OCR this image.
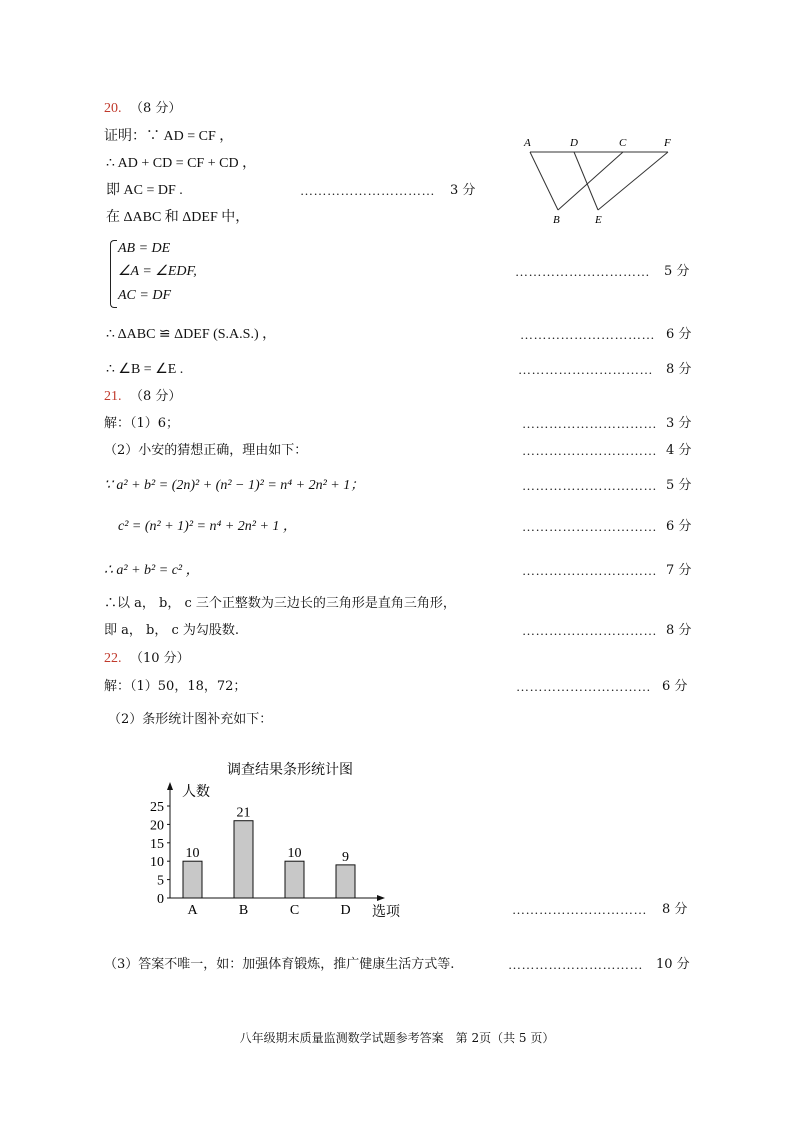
20. （8 分）
证明：∵ AD = CF ，
∴ AD + CD = CF + CD ，
即 AC = DF .	………………………… 3 分
在 ΔABC 和 ΔDEF 中，
AB = DE
∠A = ∠EDF,
AC = DF
………………………… 5 分
∴ ΔABC ≌ ΔDEF (S.A.S.) ，	………………………… 6 分
∴ ∠B = ∠E .	………………………… 8 分
A	D	C	F
B	E
21. （8 分）
解：（1）6；	………………………… 3 分
（2）小安的猜想正确，理由如下：	………………………… 4 分
∵ a² + b² = (2n)² + (n² − 1)² = n⁴ + 2n² + 1；	………………………… 5 分
c² = (n² + 1)² = n⁴ + 2n² + 1 ，	………………………… 6 分
∴ a² + b² = c² ，	………………………… 7 分
∴以 a， b， c 三个正整数为三边长的三角形是直角三角形，
即 a， b， c 为勾股数.	………………………… 8 分
22. （10 分）
解：（1）50，18，72；	………………………… 6 分
（2）条形统计图补充如下：
调查结果条形统计图
人数
选项
0
5
10
15
20
25
10
A
21
B
10
C
9
D	………………………… 8 分
（3）答案不唯一，如：加强体育锻炼，推广健康生活方式等.	………………………… 10 分
八年级期末质量监测数学试题参考答案　第 2页（共 5 页）
